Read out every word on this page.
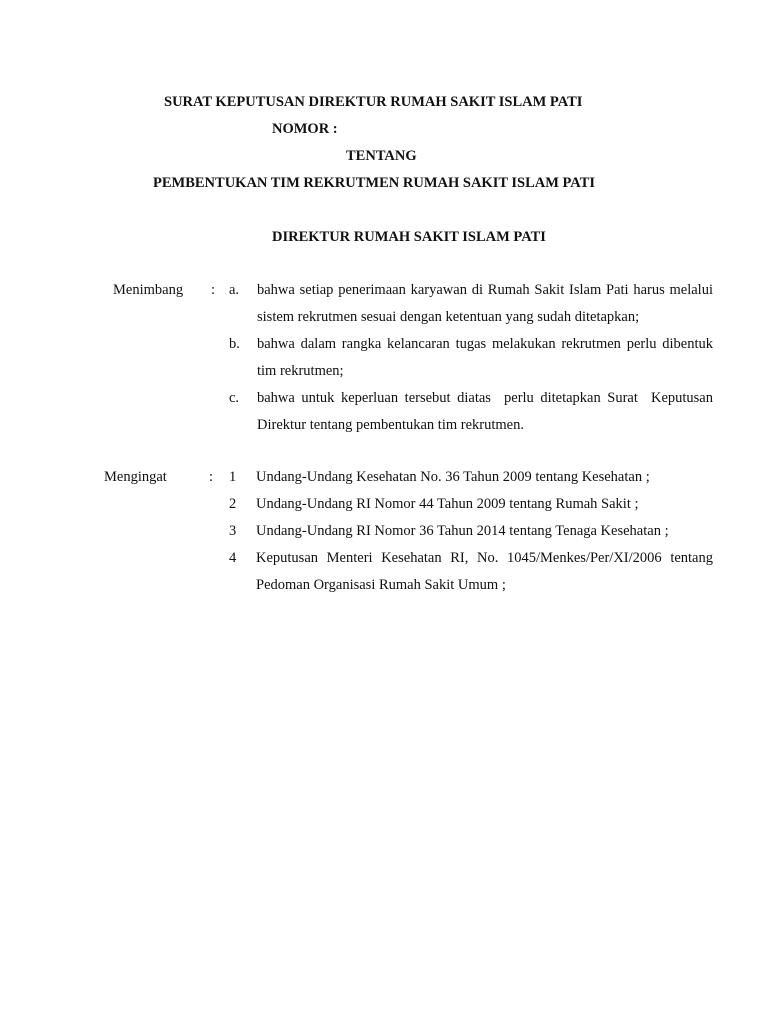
SURAT KEPUTUSAN DIREKTUR RUMAH SAKIT ISLAM PATI
NOMOR :
TENTANG
PEMBENTUKAN TIM REKRUTMEN RUMAH SAKIT ISLAM PATI
DIREKTUR RUMAH SAKIT ISLAM PATI
Menimbang : a. bahwa setiap penerimaan karyawan di Rumah Sakit Islam Pati harus melalui
sistem rekrutmen sesuai dengan ketentuan yang sudah ditetapkan;
b. bahwa dalam rangka kelancaran tugas melakukan rekrutmen perlu dibentuk
tim rekrutmen;
c. bahwa untuk keperluan tersebut diatas  perlu ditetapkan Surat  Keputusan
Direktur tentang pembentukan tim rekrutmen.
Mengingat	: 1 Undang-Undang Kesehatan No. 36 Tahun 2009 tentang Kesehatan ;
2 Undang-Undang RI Nomor 44 Tahun 2009 tentang Rumah Sakit ;
3 Undang-Undang RI Nomor 36 Tahun 2014 tentang Tenaga Kesehatan ;
4 Keputusan Menteri Kesehatan RI, No. 1045/Menkes/Per/XI/2006 tentang
Pedoman Organisasi Rumah Sakit Umum ;
